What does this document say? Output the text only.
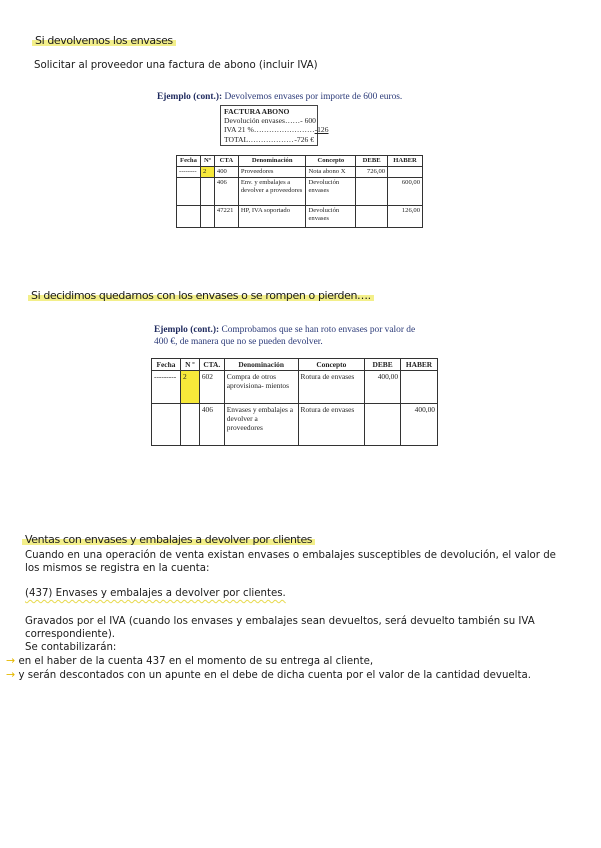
Si devolvemos los envases
Solicitar al proveedor una factura de abono (incluir IVA)
Ejemplo (cont.): Devolvemos envases por importe de 600 euros.
FACTURA ABONO
Devolución envases…… - 600
IVA 21 %…………………… -126
TOTAL……………… -726 €
Fecha	Nº	CTA	Denominación	Concepto	DEBE	HABER
--------	2	400	Proveedores	Nota abono X	726,00	
		406	Env. y embalajes a devolver a proveedores	Devolución envases		600,00
		47221	HP, IVA soportado	Devolución envases		126,00
Si decidimos quedarnos con los envases o se rompen o pierden….
Ejemplo (cont.): Comprobamos que se han roto envases por valor de
400 €, de manera que no se pueden devolver.
Fecha	N º	CTA.	Denominación	Concepto	DEBE	HABER
---------	2	602	Compra de otros aprovisiona- mientos	Rotura de envases	400,00	
		406	Envases y embalajes a devolver a proveedores	Rotura de envases		400,00
Ventas con envases y embalajes a devolver por clientes
Cuando en una operación de venta existan envases o embalajes susceptibles de devolución, el valor de
los mismos se registra en la cuenta:
(437) Envases y embalajes a devolver por clientes.
Gravados por el IVA (cuando los envases y embalajes sean devueltos, será devuelto también su IVA
correspondiente).
Se contabilizarán:
→ en el haber de la cuenta 437 en el momento de su entrega al cliente,
→ y serán descontados con un apunte en el debe de dicha cuenta por el valor de la cantidad devuelta.
